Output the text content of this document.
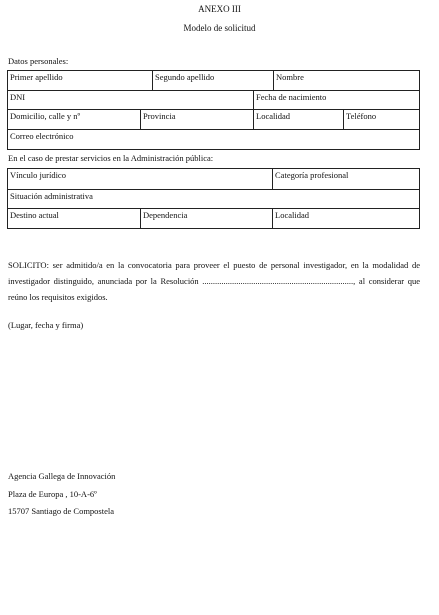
ANEXO III
Modelo de solicitud
Datos personales:
Primer apellido		Segundo apellido		Nombre	
DNI			Fecha de nacimiento		
Domicilio, calle y nº	Provincia		Localidad		Teléfono
Correo electrónico					
En el caso de prestar servicios en la Administración pública:
Vínculo jurídico		Categoría profesional
Situación administrativa		
Destino actual	Dependencia	Localidad
SOLICITO: ser admitido/a en la convocatoria para proveer el puesto de personal investigador, en la modalidad de investigador distinguido, anunciada por la Resolución ......................................................................., al considerar que reúno los requisitos exigidos.
(Lugar, fecha y firma)
Agencia Gallega de Innovación
Plaza de Europa , 10-A-6º
15707 Santiago de Compostela
